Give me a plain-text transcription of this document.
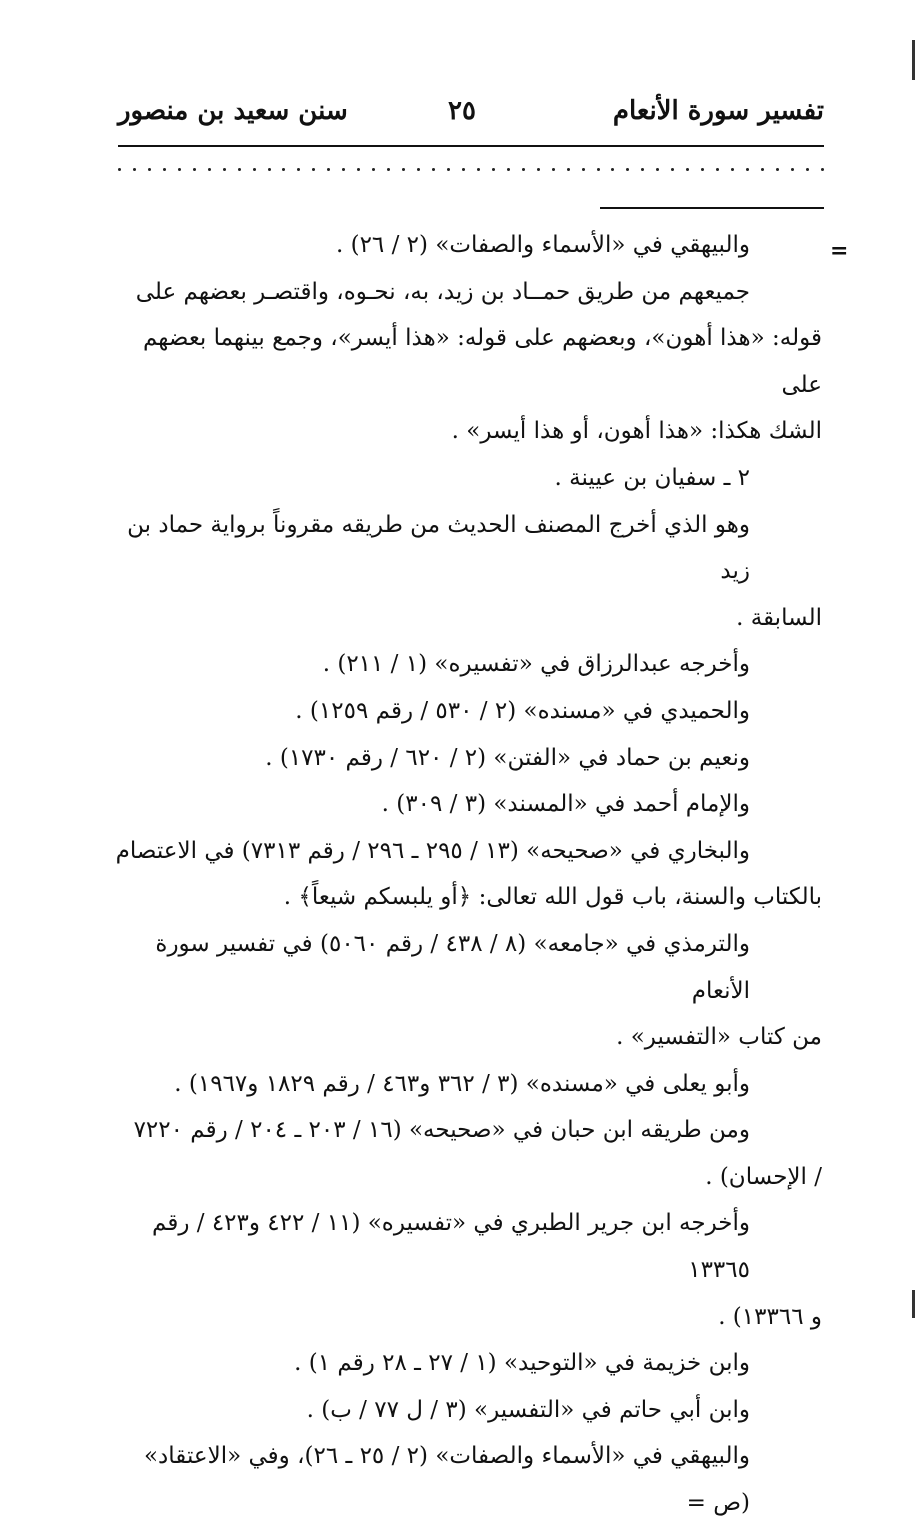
تفسير سورة الأنعام
٢٥
سنن سعيد بن منصور
=

والبيهقي في «الأسماء والصفات» (٢ / ٢٦) .

جميعهم من طريق حمــاد بن زيد، به، نحـوه، واقتصـر بعضهم على

قوله: «هذا أهون»، وبعضهم على قوله: «هذا أيسر»، وجمع بينهما بعضهم على

الشك هكذا: «هذا أهون، أو هذا أيسر» .

٢ ـ سفيان بن عيينة .

وهو الذي أخرج المصنف الحديث من طريقه مقروناً برواية حماد بن زيد

السابقة .

وأخرجه عبدالرزاق في «تفسيره» (١ / ٢١١) .

والحميدي في «مسنده» (٢ / ٥٣٠ / رقم ١٢٥٩) .

ونعيم بن حماد في «الفتن» (٢ / ٦٢٠ / رقم ١٧٣٠) .

والإمام أحمد في «المسند» (٣ / ٣٠٩) .

والبخاري في «صحيحه» (١٣ / ٢٩٥ ـ ٢٩٦ / رقم ٧٣١٣) في الاعتصام

بالكتاب والسنة، باب قول الله تعالى: ﴿أو يلبسكم شيعاً﴾ .

والترمذي في «جامعه» (٨ / ٤٣٨ / رقم ٥٠٦٠) في تفسير سورة الأنعام

من كتاب «التفسير» .

وأبو يعلى في «مسنده» (٣ / ٣٦٢ و٤٦٣ / رقم ١٨٢٩ و١٩٦٧) .

ومن طريقه ابن حبان في «صحيحه» (١٦ / ٢٠٣ ـ ٢٠٤ / رقم ٧٢٢٠

/ الإحسان) .

وأخرجه ابن جرير الطبري في «تفسيره» (١١ / ٤٢٢ و٤٢٣ / رقم ١٣٣٦٥

و ١٣٣٦٦) .

وابن خزيمة في «التوحيد» (١ / ٢٧ ـ ٢٨ رقم ١) .

وابن أبي حاتم في «التفسير» (٣ / ل ٧٧ / ب) .

والبيهقي في «الأسماء والصفات» (٢ / ٢٥ ـ ٢٦)، وفي «الاعتقاد» (ص =
